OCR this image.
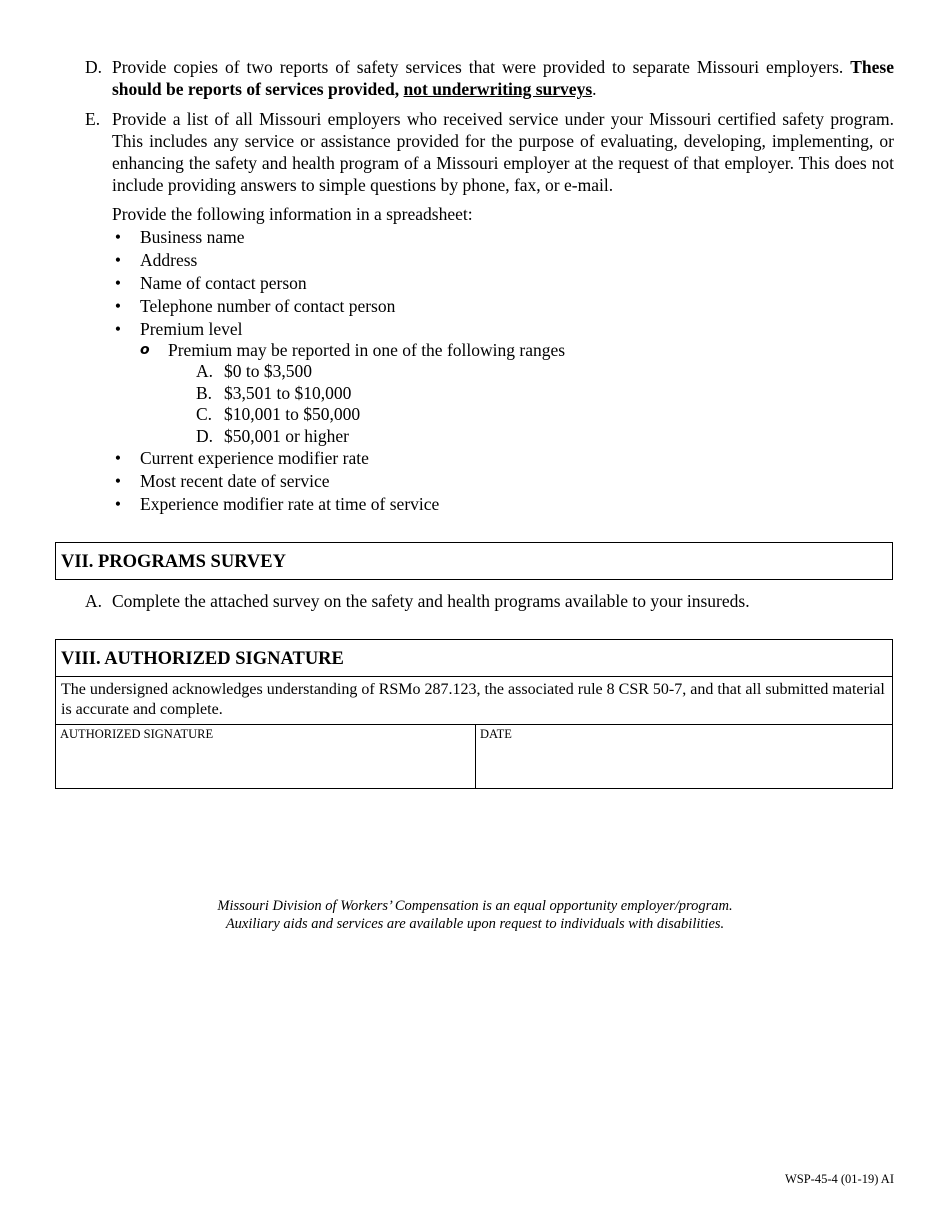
D. Provide copies of two reports of safety services that were provided to separate Missouri employers. These should be reports of services provided, not underwriting surveys.
E. Provide a list of all Missouri employers who received service under your Missouri certified safety program. This includes any service or assistance provided for the purpose of evaluating, developing, implementing, or enhancing the safety and health program of a Missouri employer at the request of that employer. This does not include providing answers to simple questions by phone, fax, or e-mail.
Provide the following information in a spreadsheet:
• Business name
• Address
• Name of contact person
• Telephone number of contact person
• Premium level
o Premium may be reported in one of the following ranges
A. $0 to $3,500
B. $3,501 to $10,000
C. $10,001 to $50,000
D. $50,001 or higher
• Current experience modifier rate
• Most recent date of service
• Experience modifier rate at time of service
VII. PROGRAMS SURVEY
A. Complete the attached survey on the safety and health programs available to your insureds.
VIII. AUTHORIZED SIGNATURE
The undersigned acknowledges understanding of RSMo 287.123, the associated rule 8 CSR 50-7, and that all submitted material is accurate and complete.
AUTHORIZED SIGNATURE	DATE
Missouri Division of Workers’ Compensation is an equal opportunity employer/program.
Auxiliary aids and services are available upon request to individuals with disabilities.
WSP-45-4 (01-19) AI
